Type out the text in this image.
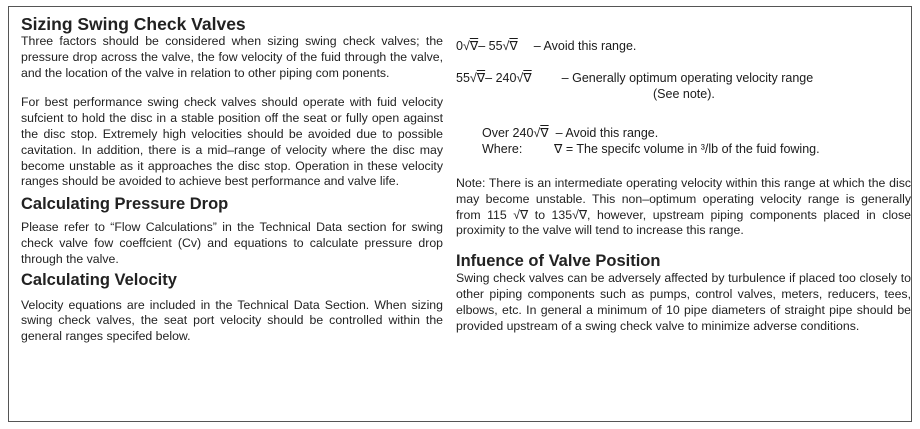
Sizing Swing Check Valves

Three factors should be considered when sizing swing check valves; the pressure drop across the valve, the fow velocity of the fuid through the valve, and the location of the valve in relation to other piping com ponents.

For best performance swing check valves should operate with fuid velocity sufcient to hold the disc in a stable position off the seat or fully open against the disc stop. Extremely high velocities should be avoided due to possible cavitation. In addition, there is a mid–range of velocity where the disc may become unstable as it approaches the disc stop. Operation in these velocity ranges should be avoided to achieve best performance and valve life.

Calculating Pressure Drop

Please refer to “Flow Calculations” in the Technical Data section for swing check valve fow coeffcient (Cv) and equations to calculate pressure drop through the valve.

Calculating Velocity

Velocity equations are included in the Technical Data Section. When sizing swing check valves, the seat port velocity should be controlled within the general ranges specifed below.

0√∇– 55√∇ – Avoid this range.
55√∇– 240√∇ – Generally optimum operating velocity range
(See note).
Over 240√∇ – Avoid this range.
Where:	∇ = The specifc volume in ³/lb of the fuid fowing.

Note: There is an intermediate operating velocity within this range at which the disc may become unstable. This non–optimum operating velocity range is generally from 115 √∇ to 135√∇, however, upstream piping components placed in close proximity to the valve will tend to increase this range.

Infuence of Valve Position

Swing check valves can be adversely affected by turbulence if placed too closely to other piping components such as pumps, control valves, meters, reducers, tees, elbows, etc. In general a minimum of 10 pipe diameters of straight pipe should be provided upstream of a swing check valve to minimize adverse conditions.
